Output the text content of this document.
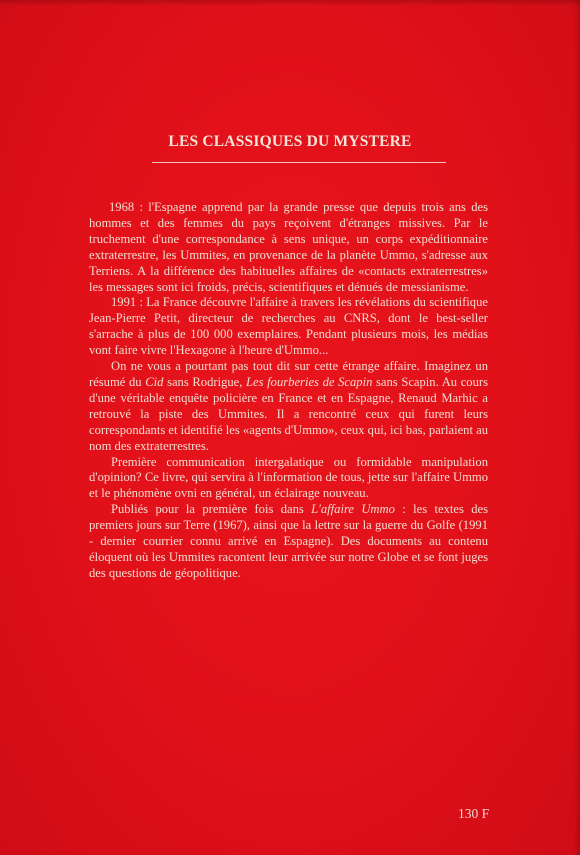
LES CLASSIQUES DU MYSTERE

1968 : l'Espagne apprend par la grande presse que depuis trois ans des hommes et des femmes du pays reçoivent d'étranges missives. Par le truchement d'une correspondance à sens unique, un corps expéditionnaire extraterrestre, les Ummites, en provenance de la planète Ummo, s'adresse aux Terriens. A la différence des habituelles affaires de «contacts extraterrestres» les messages sont ici froids, précis, scientifiques et dénués de messianisme.

1991 : La France découvre l'affaire à travers les révélations du scientifique Jean-Pierre Petit, directeur de recherches au CNRS, dont le best-seller s'arrache à plus de 100 000 exemplaires. Pendant plusieurs mois, les médias vont faire vivre l'Hexagone à l'heure d'Ummo...

On ne vous a pourtant pas tout dit sur cette étrange affaire. Imaginez un résumé du Cid sans Rodrigue, Les fourberies de Scapin sans Scapin. Au cours d'une véritable enquête policière en France et en Espagne, Renaud Marhic a retrouvé la piste des Ummites. Il a rencontré ceux qui furent leurs correspondants et identifié les «agents d'Ummo», ceux qui, ici bas, parlaient au nom des extraterrestres.

Première communication intergalatique ou formidable manipulation d'opinion? Ce livre, qui servira à l'information de tous, jette sur l'affaire Ummo et le phénomène ovni en général, un éclairage nouveau.

Publiés pour la première fois dans L'affaire Ummo : les textes des premiers jours sur Terre (1967), ainsi que la lettre sur la guerre du Golfe (1991 - dernier courrier connu arrivé en Espagne). Des documents au contenu éloquent où les Ummites racontent leur arrivée sur notre Globe et se font juges des questions de géopolitique.

130 F
